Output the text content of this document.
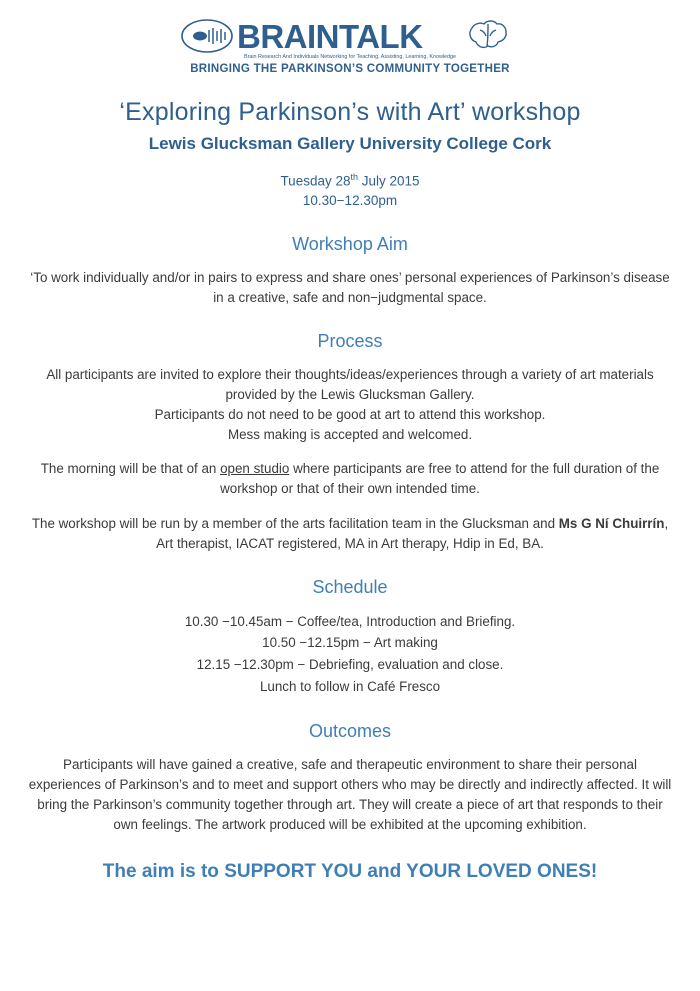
BRAINTALK
Brain Research And Individuals Networking for Teaching, Assisting, Learning, Knowledge
BRINGING THE PARKINSON’S COMMUNITY TOGETHER
‘Exploring Parkinson’s with Art’ workshop
Lewis Glucksman Gallery University College Cork
Tuesday 28th July 2015
10.30−12.30pm
Workshop Aim

‘To work individually and/or in pairs to express and share ones’ personal experiences of Parkinson’s disease in a creative, safe and non−judgmental space.

Process

All participants are invited to explore their thoughts/ideas/experiences through a variety of art materials provided by the Lewis Glucksman Gallery.

Participants do not need to be good at art to attend this workshop.

Mess making is accepted and welcomed.

The morning will be that of an open studio where participants are free to attend for the full duration of the workshop or that of their own intended time.

The workshop will be run by a member of the arts facilitation team in the Glucksman and Ms G Ní Chuirrín, Art therapist, IACAT registered, MA in Art therapy, Hdip in Ed, BA.

Schedule
10.30 −10.45am − Coffee/tea, Introduction and Briefing.
10.50 −12.15pm − Art making
12.15 −12.30pm − Debriefing, evaluation and close.
Lunch to follow in Café Fresco
Outcomes

Participants will have gained a creative, safe and therapeutic environment to share their personal experiences of Parkinson’s and to meet and support others who may be directly and indirectly affected. It will bring the Parkinson’s community together through art. They will create a piece of art that responds to their own feelings. The artwork produced will be exhibited at the upcoming exhibition.

The aim is to SUPPORT YOU and YOUR LOVED ONES!
